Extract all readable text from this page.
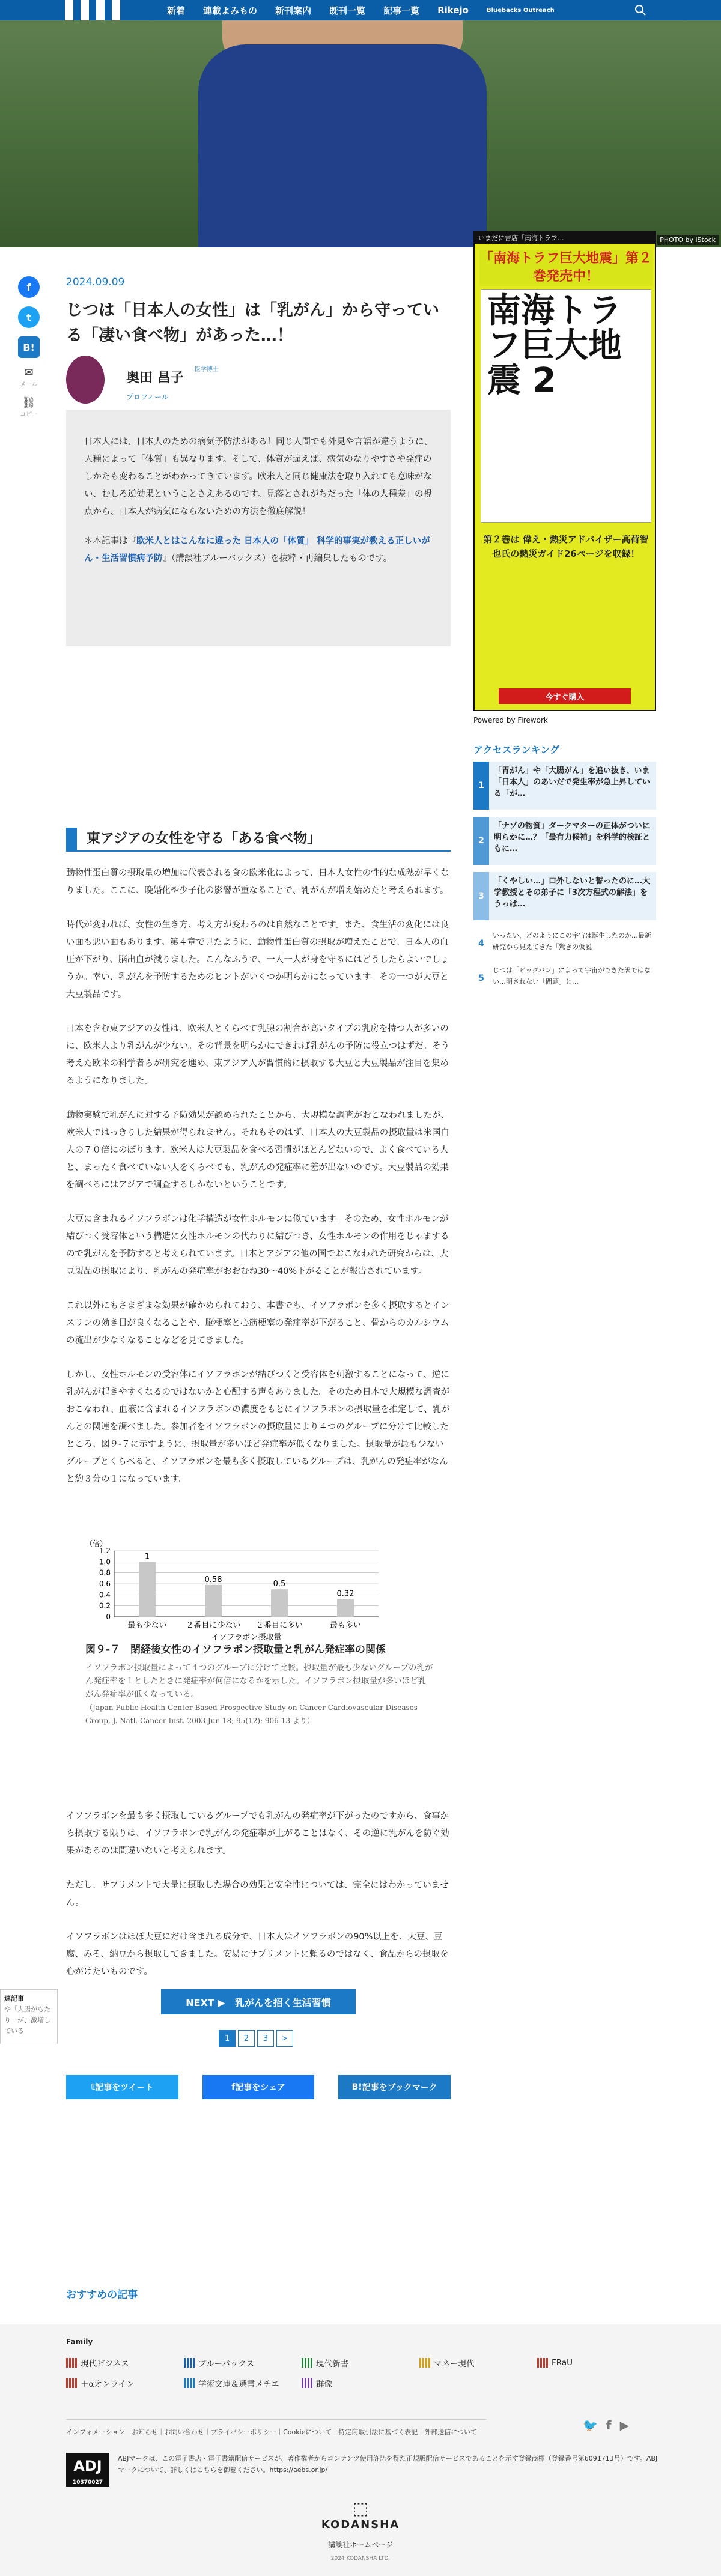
新着 連載よみもの 新刊案内 既刊一覧 記事一覧 Rikejo	Bluebacks Outreach
PHOTO by iStock
f
t
B!
✉
メール
⛓
コピー
2024.09.09
じつは「日本人の女性」は「乳がん」から守っている「凄い食べ物」があった…！
奥田 昌子
医学博士
プロフィール

日本人には、日本人のための病気予防法がある！同じ人間でも外見や言語が違うように、人種によって「体質」も異なります。そして、体質が違えば、病気のなりやすさや発症のしかたも変わることがわかってきています。欧米人と同じ健康法を取り入れても意味がない、むしろ逆効果ということさえあるのです。見落とされがちだった「体の人種差」の視点から、日本人が病気にならないための方法を徹底解説！

＊本記事は『欧米人とはこんなに違った 日本人の「体質」 科学的事実が教える正しいがん・生活習慣病予防』（講談社ブルーバックス）を抜粋・再編集したものです。

東アジアの女性を守る「ある食べ物」

動物性蛋白質の摂取量の増加に代表される食の欧米化によって、日本人女性の性的な成熟が早くなりました。ここに、晩婚化や少子化の影響が重なることで、乳がんが増え始めたと考えられます。

時代が変われば、女性の生き方、考え方が変わるのは自然なことです。また、食生活の変化には良い面も悪い面もあります。第４章で見たように、動物性蛋白質の摂取が増えたことで、日本人の血圧が下がり、脳出血が減りました。こんなふうで、一人一人が身を守るにはどうしたらよいでしょうか。幸い、乳がんを予防するためのヒントがいくつか明らかになっています。その一つが大豆と大豆製品です。

日本を含む東アジアの女性は、欧米人とくらべて乳腺の割合が高いタイプの乳房を持つ人が多いのに、欧米人より乳がんが少ない。その背景を明らかにできれば乳がんの予防に役立つはずだ。そう考えた欧米の科学者らが研究を進め、東アジア人が習慣的に摂取する大豆と大豆製品が注目を集めるようになりました。

動物実験で乳がんに対する予防効果が認められたことから、大規模な調査がおこなわれましたが、欧米人ではっきりした結果が得られません。それもそのはず、日本人の大豆製品の摂取量は米国白人の７０倍にのぼります。欧米人は大豆製品を食べる習慣がほとんどないので、よく食べている人と、まったく食べていない人をくらべても、乳がんの発症率に差が出ないのです。大豆製品の効果を調べるにはアジアで調査するしかないということです。

大豆に含まれるイソフラボンは化学構造が女性ホルモンに似ています。そのため、女性ホルモンが結びつく受容体という構造に女性ホルモンの代わりに結びつき、女性ホルモンの作用をじゃまするので乳がんを予防すると考えられています。日本とアジアの他の国でおこなわれた研究からは、大豆製品の摂取により、乳がんの発症率がおおむね30〜40%下がることが報告されています。

これ以外にもさまざまな効果が確かめられており、本書でも、イソフラボンを多く摂取するとインスリンの効き目が良くなることや、脳梗塞と心筋梗塞の発症率が下がること、骨からのカルシウムの流出が少なくなることなどを見てきました。

しかし、女性ホルモンの受容体にイソフラボンが結びつくと受容体を刺激することになって、逆に乳がんが起きやすくなるのではないかと心配する声もありました。そのため日本で大規模な調査がおこなわれ、血液に含まれるイソフラボンの濃度をもとにイソフラボンの摂取量を推定して、乳がんとの関連を調べました。参加者をイソフラボンの摂取量により４つのグループに分けて比較したところ、図９-７に示すように、摂取量が多いほど発症率が低くなりました。摂取量が最も少ないグループとくらべると、イソフラボンを最も多く摂取しているグループは、乳がんの発症率がなんと約３分の１になっています。

（倍）
0
0.2
0.4
0.6
0.8
1.0
1.2
1
最も少ない
0.58
２番目に少ない
0.5
２番目に多い
0.32
最も多い
イソフラボン摂取量
図９-７　閉経後女性のイソフラボン摂取量と乳がん発症率の関係
イソフラボン摂取量によって４つのグループに分けて比較。摂取量が最も少ないグループの乳がん発症率を１としたときに発症率が何倍になるかを示した。イソフラボン摂取量が多いほど乳がん発症率が低くなっている。
（Japan Public Health Center-Based Prospective Study on Cancer Cardiovascular Diseases Group, J. Natl. Cancer Inst. 2003 Jun 18; 95(12): 906-13 より）

イソフラボンを最も多く摂取しているグループでも乳がんの発症率が下がったのですから、食事から摂取する限りは、イソフラボンで乳がんの発症率が上がることはなく、その逆に乳がんを防ぐ効果があるのは間違いないと考えられます。

ただし、サプリメントで大量に摂取した場合の効果と安全性については、完全にはわかっていません。

イソフラボンはほぼ大豆にだけ含まれる成分で、日本人はイソフラボンの90%以上を、大豆、豆腐、みそ、納豆から摂取してきました。安易にサプリメントに頼るのではなく、食品からの摂取を心がけたいものです。

連記事
や「大腸がもたり」が、激増している
NEXT ▶　乳がんを招く生活習慣
1	2	3	>
𝕥 記事をツイート	f 記事をシェア	B! 記事をブックマーク
いまだに書店「南海トラフ...
「南海トラフ巨大地震」第２巻発売中！
南海トラフ巨大地震 2
第２巻は 偉え・熱災アドバイザー高荷智也氏の熱災ガイド26ページを収録！
今すぐ購入
Powered by Firework
アクセスランキング
1
「胃がん」や「大腸がん」を追い抜き、いま「日本人」のあいだで発生率が急上昇している「が…
2
「ナゾの物質」ダークマターの正体がついに明らかに…？「最有力候補」を科学的検証ともに…
3
「くやしい…」口外しないと誓ったのに…大学教授とその弟子に「3次方程式の解法」をうっぱ…
4
いったい、どのようにこの宇宙は誕生したのか…最新研究から見えてきた「驚きの仮説」
5
じつは「ビッグバン」によって宇宙ができた訳ではない…明されない「問題」と…
おすすめの記事
Family
現代ビジネス	ブルーバックス	現代新書	マネー現代	FRaU
＋αオンライン	学術文庫＆選書メチエ	群像
インフォメーション　お知らせ｜お問い合わせ｜プライバシーポリシー｜Cookieについて｜特定商取引法に基づく表記｜外部送信について	🐦 f ▶
ADJ
10370027
ABJマークは、この電子書店・電子書籍配信サービスが、著作権者からコンテンツ使用許諾を得た正規版配信サービスであることを示す登録商標（登録番号第6091713号）です。ABJマークについて、詳しくはこちらを御覧ください。https://aebs.or.jp/
⬚
KODANSHA
講談社ホームページ
2024 KODANSHA LTD.
